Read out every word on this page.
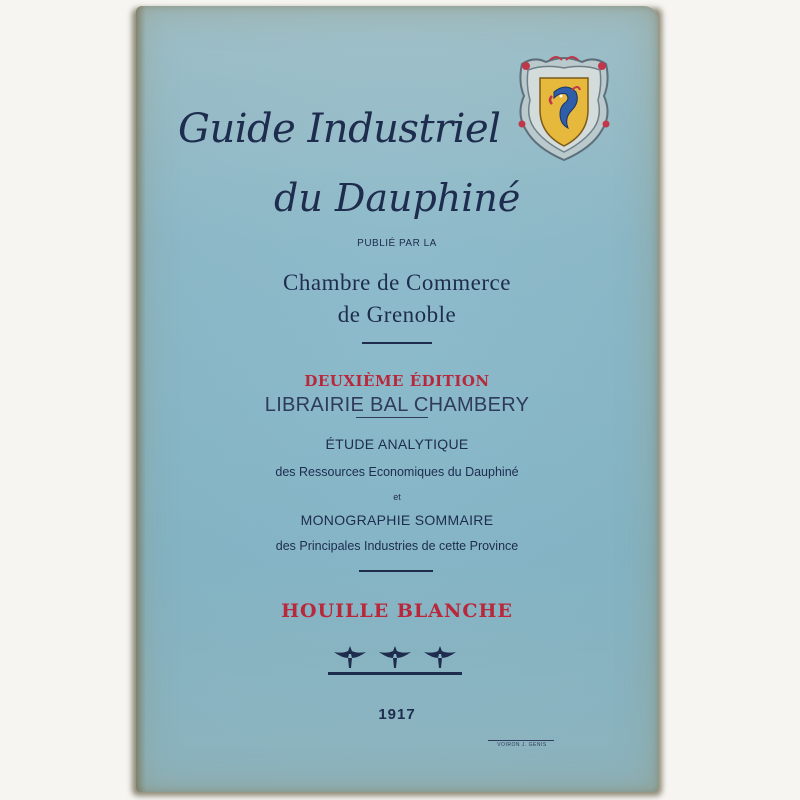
Guide Industriel
du Dauphiné
PUBLIÉ PAR LA
Chambre de Commerce
de Grenoble
DEUXIÈME ÉDITION
LIBRAIRIE BAL CHAMBERY
ÉTUDE ANALYTIQUE
des Ressources Economiques du Dauphiné
et
MONOGRAPHIE SOMMAIRE
des Principales Industries de cette Province
HOUILLE BLANCHE
1917
VOIRON J. GENIS
